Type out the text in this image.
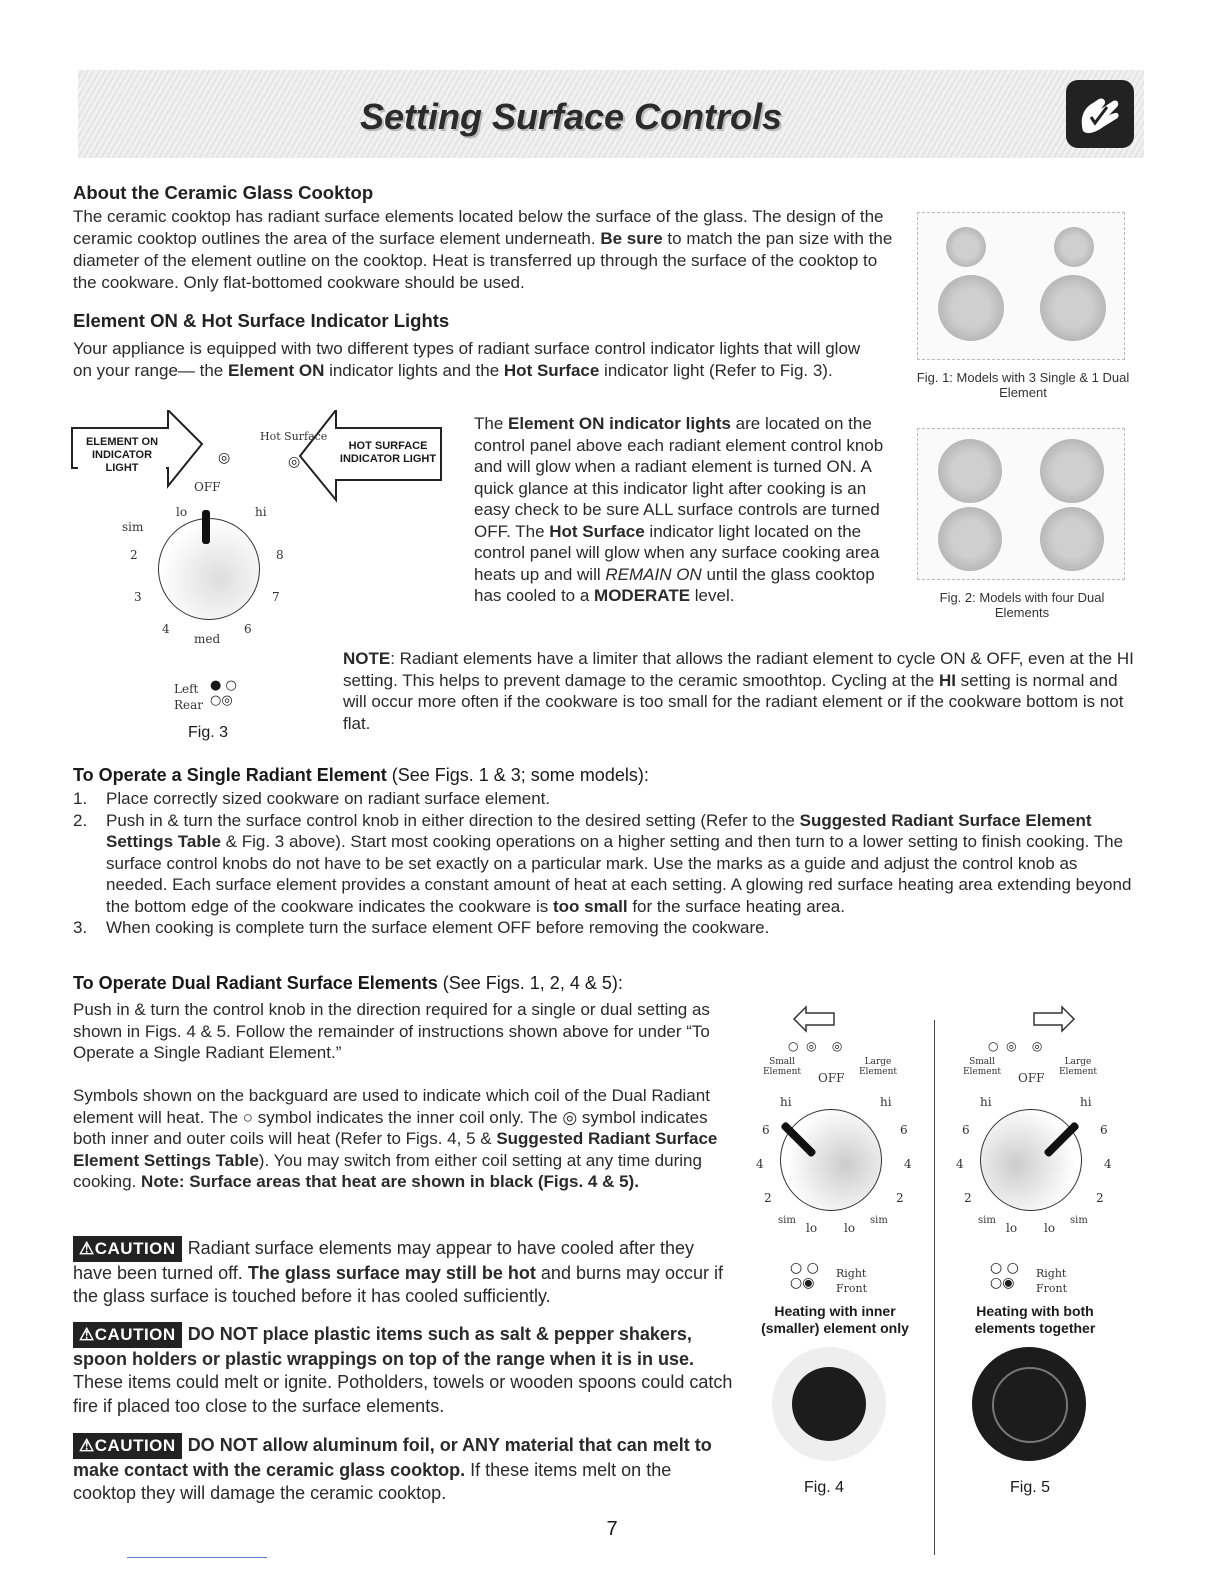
Setting Surface Controls
About the Ceramic Glass Cooktop

The ceramic cooktop has radiant surface elements located below the surface of the glass. The design of the ceramic cooktop outlines the area of the surface element underneath. Be sure to match the pan size with the diameter of the element outline on the cooktop. Heat is transferred up through the surface of the cooktop to the cookware. Only flat-bottomed cookware should be used.

Element ON & Hot Surface Indicator Lights

Your appliance is equipped with two different types of radiant surface control indicator lights that will glow on your range— the Element ON indicator lights and the Hot Surface indicator light (Refer to Fig. 3).	Fig. 1: Models with 3 Single & 1 Dual Element
Fig. 2: Models with four Dual Elements
ELEMENT ON INDICATOR LIGHT
HOT SURFACE INDICATOR LIGHT
Hot Surface
◎	◎
OFF
lo	hi
sim
2	8
3	7
4	6
med
Left
Rear
● ○
○◎
Fig. 3

The Element ON indicator lights are located on the control panel above each radiant element control knob and will glow when a radiant element is turned ON. A quick glance at this indicator light after cooking is an easy check to be sure ALL surface controls are turned OFF. The Hot Surface indicator light located on the control panel will glow when any surface cooking area heats up and will REMAIN ON until the glass cooktop has cooled to a MODERATE level.

NOTE: Radiant elements have a limiter that allows the radiant element to cycle ON & OFF, even at the HI setting. This helps to prevent damage to the ceramic smoothtop. Cycling at the HI setting is normal and will occur more often if the cookware is too small for the radiant element or if the cookware bottom is not flat.

To Operate a Single Radiant Element (See Figs. 1 & 3; some models):
1. Place correctly sized cookware on radiant surface element.
2. Push in & turn the surface control knob in either direction to the desired setting (Refer to the Suggested Radiant Surface Element Settings Table & Fig. 3 above). Start most cooking operations on a higher setting and then turn to a lower setting to finish cooking. The surface control knobs do not have to be set exactly on a particular mark. Use the marks as a guide and adjust the control knob as needed. Each surface element provides a constant amount of heat at each setting. A glowing red surface heating area extending beyond the bottom edge of the cookware indicates the cookware is too small for the surface heating area.
3. When cooking is complete turn the surface element OFF before removing the cookware.
To Operate Dual Radiant Surface Elements (See Figs. 1, 2, 4 & 5):

Push in & turn the control knob in the direction required for a single or dual setting as shown in Figs. 4 & 5. Follow the remainder of instructions shown above for under “To Operate a Single Radiant Element.”

Symbols shown on the backguard are used to indicate which coil of the Dual Radiant element will heat. The ○ symbol indicates the inner coil only. The ◎ symbol indicates both inner and outer coils will heat (Refer to Figs. 4, 5 & Suggested Radiant Surface Element Settings Table). You may switch from either coil setting at any time during cooking. Note: Surface areas that heat are shown in black (Figs. 4 & 5).

⚠CAUTION Radiant surface elements may appear to have cooled after they have been turned off. The glass surface may still be hot and burns may occur if the glass surface is touched before it has cooled sufficiently.

⚠CAUTION DO NOT place plastic items such as salt & pepper shakers, spoon holders or plastic wrappings on top of the range when it is in use. These items could melt or ignite. Potholders, towels or wooden spoons could catch fire if placed too close to the surface elements.

⚠CAUTION DO NOT allow aluminum foil, or ANY material that can melt to make contact with the ceramic glass cooktop. If these items melt on the cooktop they will damage the ceramic cooktop.

○  ◎    ◎
Small Element
Large Element
OFF
hi	hi
6	6
4	4
2	2
sim	sim
lo lo
○ ○
○◉
Right
Front
Heating with inner (smaller) element only
Fig. 4
○  ◎    ◎
Small Element
Large Element
OFF
hi	hi
6	6
4	4
2	2
sim	sim
lo lo
○ ○
○◉
Right
Front
Heating with both elements together
Fig. 5
7
